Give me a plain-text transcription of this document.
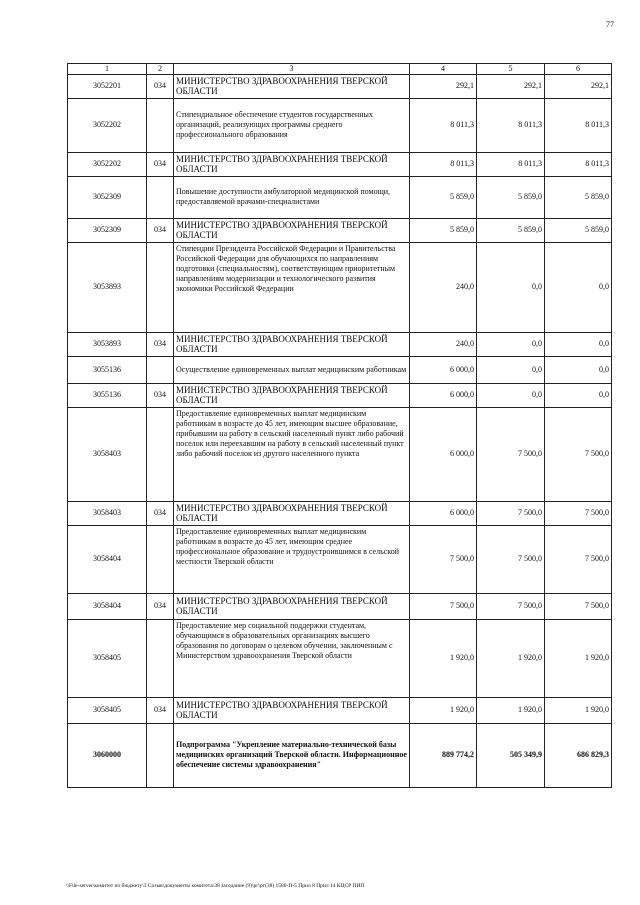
77
1	2	3	4	5	6
3052201	034	МИНИСТЕРСТВО ЗДРАВООХРАНЕНИЯ ТВЕРСКОЙ ОБЛАСТИ	292,1	292,1	292,1
3052202		Стипендиальное обеспечение студентов государственных организаций, реализующих программы среднего профессионального образования	8 011,3	8 011,3	8 011,3
3052202	034	МИНИСТЕРСТВО ЗДРАВООХРАНЕНИЯ ТВЕРСКОЙ ОБЛАСТИ	8 011,3	8 011,3	8 011,3
3052309		Повышение доступности амбулаторной медицинской помощи, предоставляемой врачами-специалистами	5 859,0	5 859,0	5 859,0
3052309	034	МИНИСТЕРСТВО ЗДРАВООХРАНЕНИЯ ТВЕРСКОЙ ОБЛАСТИ	5 859,0	5 859,0	5 859,0
3053893		Стипендии Президента Российской Федерации и Правительства Российской Федерации для обучающихся по направлениям подготовки (специальностям), соответствующим приоритетным направлениям модернизации и технологического развития экономики Российской Федерации	240,0	0,0	0,0
3053893	034	МИНИСТЕРСТВО ЗДРАВООХРАНЕНИЯ ТВЕРСКОЙ ОБЛАСТИ	240,0	0,0	0,0
3055136		Осуществление единовременных выплат медицинским работникам	6 000,0	0,0	0,0
3055136	034	МИНИСТЕРСТВО ЗДРАВООХРАНЕНИЯ ТВЕРСКОЙ ОБЛАСТИ	6 000,0	0,0	0,0
3058403		Предоставление единовременных выплат медицинским работникам в возрасте до 45 лет, имеющим высшее образование, прибывшим на работу в сельский населенный пункт либо рабочий поселок или переехавшим на работу в сельский населенный пункт либо рабочий поселок из другого населенного пункта	6 000,0	7 500,0	7 500,0
3058403	034	МИНИСТЕРСТВО ЗДРАВООХРАНЕНИЯ ТВЕРСКОЙ ОБЛАСТИ	6 000,0	7 500,0	7 500,0
3058404		Предоставление единовременных выплат медицинским работникам в возрасте до 45 лет, имеющим среднее профессиональное образование и трудоустроившимся в сельской местности Тверской области	7 500,0	7 500,0	7 500,0
3058404	034	МИНИСТЕРСТВО ЗДРАВООХРАНЕНИЯ ТВЕРСКОЙ ОБЛАСТИ	7 500,0	7 500,0	7 500,0
3058405		Предоставление мер социальной поддержки студентам, обучающимся в образовательных организациях высшего образования по договорам о целевом обучении, заключенным с Министерством здравоохранения Тверской области	1 920,0	1 920,0	1 920,0
3058405	034	МИНИСТЕРСТВО ЗДРАВООХРАНЕНИЯ ТВЕРСКОЙ ОБЛАСТИ	1 920,0	1 920,0	1 920,0
3060000		Подпрограмма "Укрепление материально-технической базы медицинских организаций Тверской области. Информационное обеспечение системы здравоохранения"	889 774,2	505 349,9	686 829,3
\\File-server\комитет по бюджету\3 Созыв\документы комитета\38 заседание (9)\рг\рг(38) 1580-П-5 Прил 8 Прил 14 КЦСР ПИП
